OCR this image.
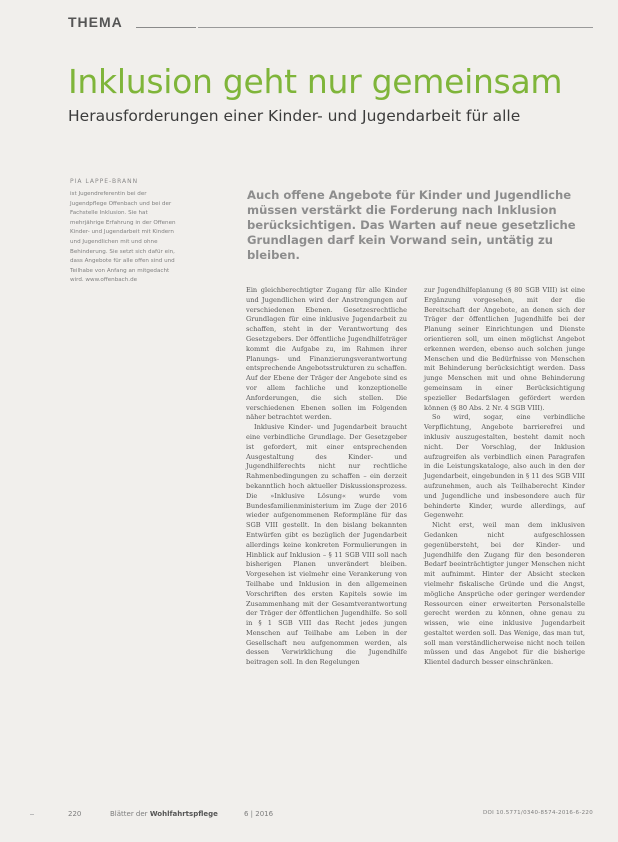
THEMA
Inklusion geht nur gemeinsam
Herausforderungen einer Kinder- und Jugendarbeit für alle
PIA LAPPE-BRANN
ist Jugendreferentin bei der Jugendpflege Offenbach und bei der Fachstelle Inklusion. Sie hat mehrjährige Erfahrung in der Offenen Kinder- und Jugendarbeit mit Kindern und Jugendlichen mit und ohne Behinderung. Sie setzt sich dafür ein, dass Angebote für alle offen sind und Teilhabe von Anfang an mitgedacht wird. www.offenbach.de
Auch offene Angebote für Kinder und Jugendliche müssen verstärkt die Forderung nach Inklusion berücksichtigen. Das Warten auf neue gesetzliche Grundlagen darf kein Vorwand sein, untätig zu bleiben.

Ein gleichberechtigter Zugang für alle Kinder und Jugendlichen wird der Anstrengungen auf verschiedenen Ebenen. Gesetzesrechtliche Grundlagen für eine inklusive Jugendarbeit zu schaffen, steht in der Verantwortung des Gesetzgebers. Der öffentliche Jugendhilfeträger kommt die Aufgabe zu, im Rahmen ihrer Planungs- und Finanzierungsverantwortung entsprechende Angebotsstrukturen zu schaffen. Auf der Ebene der Träger der Angebote sind es vor allem fachliche und konzeptionelle Anforderungen, die sich stellen. Die verschiedenen Ebenen sollen im Folgenden näher betrachtet werden.

Inklusive Kinder- und Jugendarbeit braucht eine verbindliche Grundlage. Der Gesetzgeber ist gefordert, mit einer entsprechenden Ausgestaltung des Kinder- und Jugendhilferechts nicht nur rechtliche Rahmenbedingungen zu schaffen – ein derzeit bekanntlich hoch aktueller Diskussionsprozess. Die »Inklusive Lösung« wurde vom Bundesfamilienministerium im Zuge der 2016 wieder aufgenommenen Reformpläne für das SGB VIII gestellt. In den bislang bekannten Entwürfen gibt es bezüglich der Jugendarbeit allerdings keine konkreten Formulierungen in Hinblick auf Inklusion – § 11 SGB VIII soll nach bisherigen Planen unverändert bleiben. Vorgesehen ist vielmehr eine Verankerung von Teilhabe und Inklusion in den allgemeinen Vorschriften des ersten Kapitels sowie im Zusammenhang mit der Gesamtverantwortung der Träger der öffentlichen Jugendhilfe. So soll in § 1 SGB VIII das Recht jedes jungen Menschen auf Teilhabe am Leben in der Gesellschaft neu aufgenommen werden, als dessen Verwirklichung die Jugendhilfe beitragen soll. In den Regelungen

zur Jugendhilfeplanung (§ 80 SGB VIII) ist eine Ergänzung vorgesehen, mit der die Bereitschaft der Angebote, an denen sich der Träger der öffentlichen Jugendhilfe bei der Planung seiner Einrichtungen und Dienste orientieren soll, um einen möglichst Angebot erkennen werden, ebenso auch solchen junge Menschen und die Bedürfnisse von Menschen mit Behinderung berücksichtigt werden. Dass junge Menschen mit und ohne Behinderung gemeinsam in einer Berücksichtigung spezieller Bedarfslagen gefördert werden können (§ 80 Abs. 2 Nr. 4 SGB VIII).

So wird, sogar, eine verbindliche Verpflichtung, Angebote barrierefrei und inklusiv auszugestalten, besteht damit noch nicht. Der Vorschlag, der Inklusion aufzugreifen als verbindlich einen Paragrafen in die Leistungskataloge, also auch in den der Jugendarbeit, eingebunden in § 11 des SGB VIII aufzunehmen, auch als Teilhaberecht Kinder und Jugendliche und insbesondere auch für behinderte Kinder, wurde allerdings, auf Gegenwehr.

Nicht erst, weil man dem inklusiven Gedanken nicht aufgeschlossen gegenübersteht, bei der Kinder- und Jugendhilfe den Zugang für den besonderen Bedarf beeinträchtigter junger Menschen nicht mit aufnimmt. Hinter der Absicht stecken vielmehr fiskalische Gründe und die Angst, mögliche Ansprüche oder geringer werdender Ressourcen einer erweiterten Personalstelle gerecht werden zu können, ohne genau zu wissen, wie eine inklusive Jugendarbeit gestaltet werden soll. Das Wenige, das man tut, soll man verständlicherweise nicht noch teilen müssen und das Angebot für die bisherige Klientel dadurch besser einschränken.

220	Blätter der Wohlfahrtspflege	6 | 2016	DOI 10.5771/0340-8574-2016-6-220
